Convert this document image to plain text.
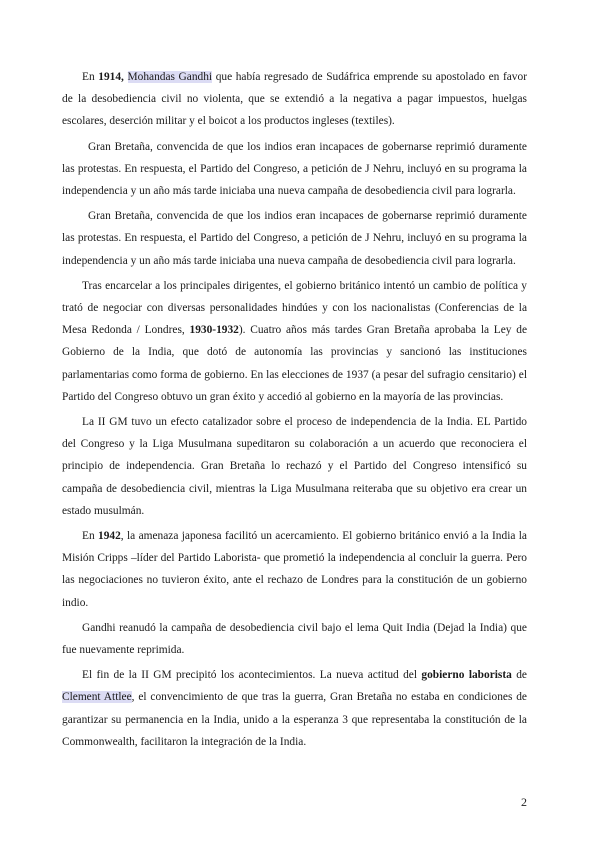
En 1914, Mohandas Gandhi que había regresado de Sudáfrica emprende su apostolado en favor de la desobediencia civil no violenta, que se extendió a la negativa a pagar impuestos, huelgas escolares, deserción militar y el boicot a los productos ingleses (textiles).

Gran Bretaña, convencida de que los indios eran incapaces de gobernarse reprimió duramente las protestas. En respuesta, el Partido del Congreso, a petición de J Nehru, incluyó en su programa la independencia y un año más tarde iniciaba una nueva campaña de desobediencia civil para lograrla.

Gran Bretaña, convencida de que los indios eran incapaces de gobernarse reprimió duramente las protestas. En respuesta, el Partido del Congreso, a petición de J Nehru, incluyó en su programa la independencia y un año más tarde iniciaba una nueva campaña de desobediencia civil para lograrla.

Tras encarcelar a los principales dirigentes, el gobierno británico intentó un cambio de política y trató de negociar con diversas personalidades hindúes y con los nacionalistas (Conferencias de la Mesa Redonda / Londres, 1930-1932). Cuatro años más tardes Gran Bretaña aprobaba la Ley de Gobierno de la India, que dotó de autonomía las provincias y sancionó las instituciones parlamentarias como forma de gobierno. En las elecciones de 1937 (a pesar del sufragio censitario) el Partido del Congreso obtuvo un gran éxito y accedió al gobierno en la mayoría de las provincias.

La II GM tuvo un efecto catalizador sobre el proceso de independencia de la India. EL Partido del Congreso y la Liga Musulmana supeditaron su colaboración a un acuerdo que reconociera el principio de independencia. Gran Bretaña lo rechazó y el Partido del Congreso intensificó su campaña de desobediencia civil, mientras la Liga Musulmana reiteraba que su objetivo era crear un estado musulmán.

En 1942, la amenaza japonesa facilitó un acercamiento. El gobierno británico envió a la India la Misión Cripps –líder del Partido Laborista- que prometió la independencia al concluir la guerra. Pero las negociaciones no tuvieron éxito, ante el rechazo de Londres para la constitución de un gobierno indio.

Gandhi reanudó la campaña de desobediencia civil bajo el lema Quit India (Dejad la India) que fue nuevamente reprimida.

El fin de la II GM precipitó los acontecimientos. La nueva actitud del gobierno laborista de Clement Attlee, el convencimiento de que tras la guerra, Gran Bretaña no estaba en condiciones de garantizar su permanencia en la India, unido a la esperanza 3 que representaba la constitución de la Commonwealth, facilitaron la integración de la India.

2
